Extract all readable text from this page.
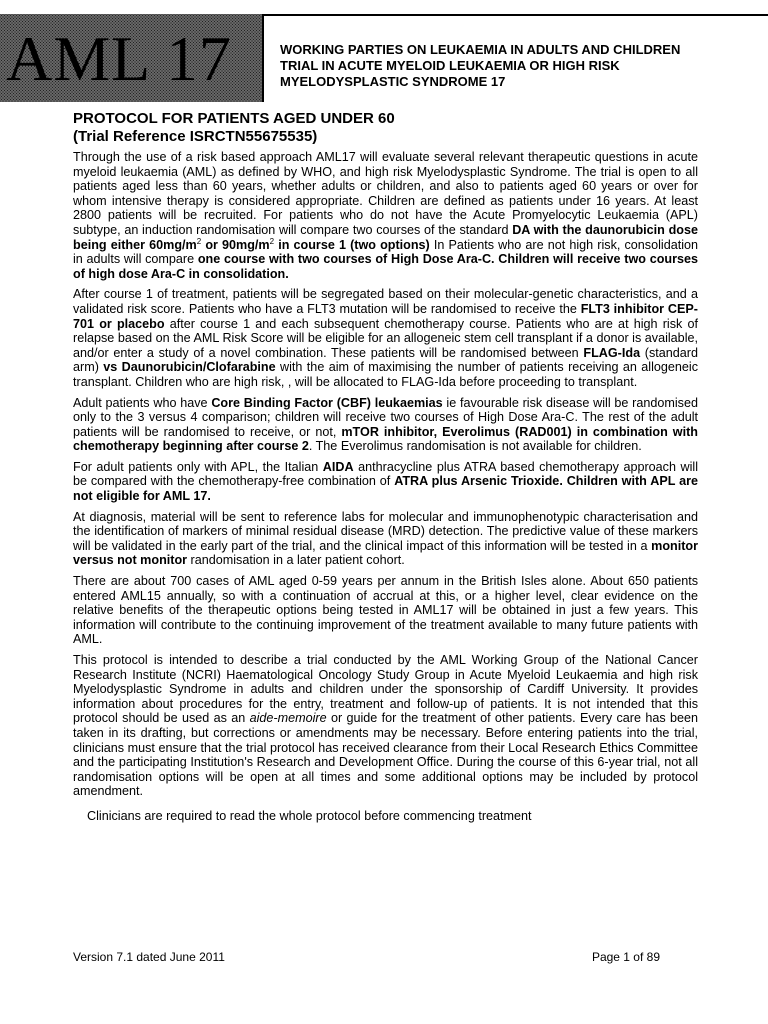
AML 17	WORKING PARTIES ON LEUKAEMIA IN ADULTS AND CHILDREN
TRIAL IN ACUTE MYELOID LEUKAEMIA OR HIGH RISK
MYELODYSPLASTIC SYNDROME 17
PROTOCOL FOR PATIENTS AGED UNDER 60
(Trial Reference ISRCTN55675535)

Through the use of a risk based approach AML17 will evaluate several relevant therapeutic questions in acute myeloid leukaemia (AML) as defined by WHO, and high risk Myelodysplastic Syndrome. The trial is open to all patients aged less than 60 years, whether adults or children, and also to patients aged 60 years or over for whom intensive therapy is considered appropriate. Children are defined as patients under 16 years. At least 2800 patients will be recruited. For patients who do not have the Acute Promyelocytic Leukaemia (APL) subtype, an induction randomisation will compare two courses of the standard DA with the daunorubicin dose being either $60mg/m^2$ or $90mg/m^2$ in course 1 (two options) In Patients who are not high risk, consolidation in adults will compare one course with two courses of High Dose Ara-C. Children will receive two courses of high dose Ara-C in consolidation.

After course 1 of treatment, patients will be segregated based on their molecular-genetic characteristics, and a validated risk score. Patients who have a FLT3 mutation will be randomised to receive the FLT3 inhibitor CEP-701 or placebo after course 1 and each subsequent chemotherapy course. Patients who are at high risk of relapse based on the AML Risk Score will be eligible for an allogeneic stem cell transplant if a donor is available, and/or enter a study of a novel combination. These patients will be randomised between FLAG-Ida (standard arm) vs Daunorubicin/Clofarabine with the aim of maximising the number of patients receiving an allogeneic transplant. Children who are high risk, , will be allocated to FLAG-Ida before proceeding to transplant.

Adult patients who have Core Binding Factor (CBF) leukaemias ie favourable risk disease will be randomised only to the 3 versus 4 comparison; children will receive two courses of High Dose Ara-C. The rest of the adult patients will be randomised to receive, or not, mTOR inhibitor, Everolimus (RAD001) in combination with chemotherapy beginning after course 2. The Everolimus randomisation is not available for children.

For adult patients only with APL, the Italian AIDA anthracycline plus ATRA based chemotherapy approach will be compared with the chemotherapy-free combination of ATRA plus Arsenic Trioxide. Children with APL are not eligible for AML 17.

At diagnosis, material will be sent to reference labs for molecular and immunophenotypic characterisation and the identification of markers of minimal residual disease (MRD) detection. The predictive value of these markers will be validated in the early part of the trial, and the clinical impact of this information will be tested in a monitor versus not monitor randomisation in a later patient cohort.

There are about 700 cases of AML aged 0-59 years per annum in the British Isles alone. About 650 patients entered AML15 annually, so with a continuation of accrual at this, or a higher level, clear evidence on the relative benefits of the therapeutic options being tested in AML17 will be obtained in just a few years. This information will contribute to the continuing improvement of the treatment available to many future patients with AML.

This protocol is intended to describe a trial conducted by the AML Working Group of the National Cancer Research Institute (NCRI) Haematological Oncology Study Group in Acute Myeloid Leukaemia and high risk Myelodysplastic Syndrome in adults and children under the sponsorship of Cardiff University. It provides information about procedures for the entry, treatment and follow-up of patients. It is not intended that this protocol should be used as an aide-memoire or guide for the treatment of other patients. Every care has been taken in its drafting, but corrections or amendments may be necessary. Before entering patients into the trial, clinicians must ensure that the trial protocol has received clearance from their Local Research Ethics Committee and the participating Institution's Research and Development Office. During the course of this 6-year trial, not all randomisation options will be open at all times and some additional options may be included by protocol amendment.

Clinicians are required to read the whole protocol before commencing treatment

Version 7.1 dated June 2011	Page 1 of 89
